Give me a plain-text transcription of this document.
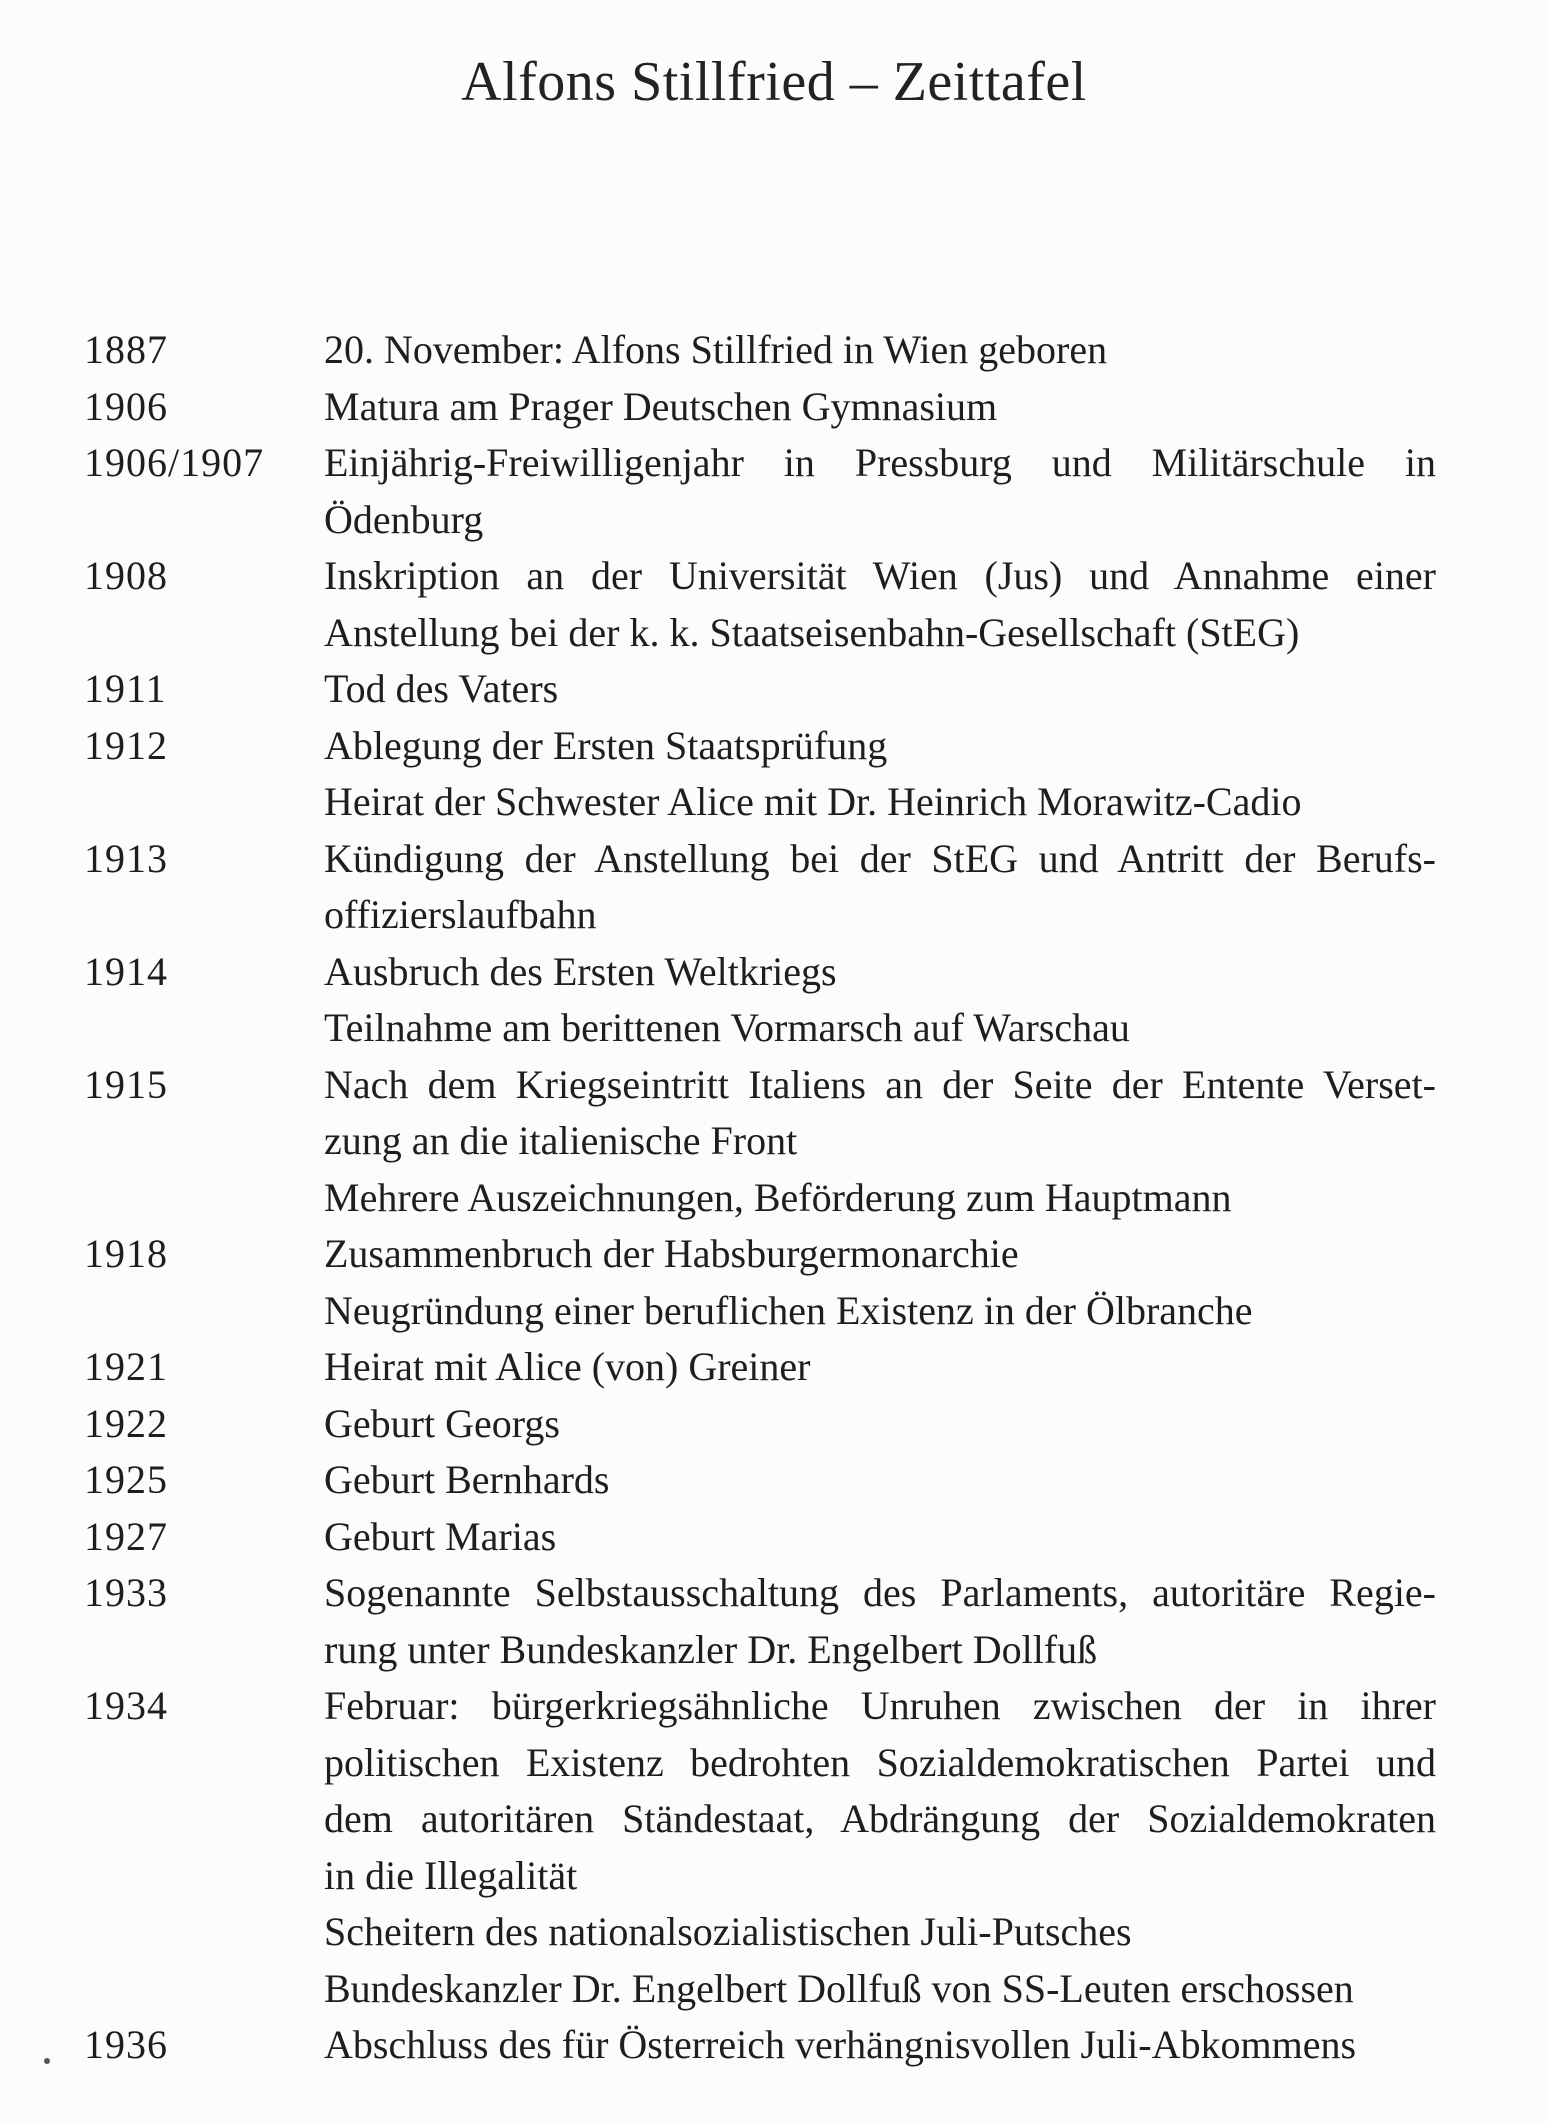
Alfons Stillfried – Zeittafel
1887	20. November: Alfons Stillfried in Wien geboren
1906	Matura am Prager Deutschen Gymnasium
1906/1907	Einjährig-Freiwilligenjahr in Pressburg und Militärschule in
Ödenburg
1908	Inskription an der Universität Wien (Jus) und Annahme einer
Anstellung bei der k. k. Staatseisenbahn-Gesellschaft (StEG)
1911	Tod des Vaters
1912	Ablegung der Ersten Staatsprüfung
Heirat der Schwester Alice mit Dr. Heinrich Morawitz-Cadio
1913	Kündigung der Anstellung bei der StEG und Antritt der Berufs-
offizierslaufbahn
1914	Ausbruch des Ersten Weltkriegs
Teilnahme am berittenen Vormarsch auf Warschau
1915	Nach dem Kriegseintritt Italiens an der Seite der Entente Verset-
zung an die italienische Front
Mehrere Auszeichnungen, Beförderung zum Hauptmann
1918	Zusammenbruch der Habsburgermonarchie
Neugründung einer beruflichen Existenz in der Ölbranche
1921	Heirat mit Alice (von) Greiner
1922	Geburt Georgs
1925	Geburt Bernhards
1927	Geburt Marias
1933	Sogenannte Selbstausschaltung des Parlaments, autoritäre Regie-
rung unter Bundeskanzler Dr. Engelbert Dollfuß
1934	Februar: bürgerkriegsähnliche Unruhen zwischen der in ihrer
politischen Existenz bedrohten Sozialdemokratischen Partei und
dem autoritären Ständestaat, Abdrängung der Sozialdemokraten
in die Illegalität
Scheitern des nationalsozialistischen Juli-Putsches
Bundeskanzler Dr. Engelbert Dollfuß von SS-Leuten erschossen
1936	Abschluss des für Österreich verhängnisvollen Juli-Abkommens
